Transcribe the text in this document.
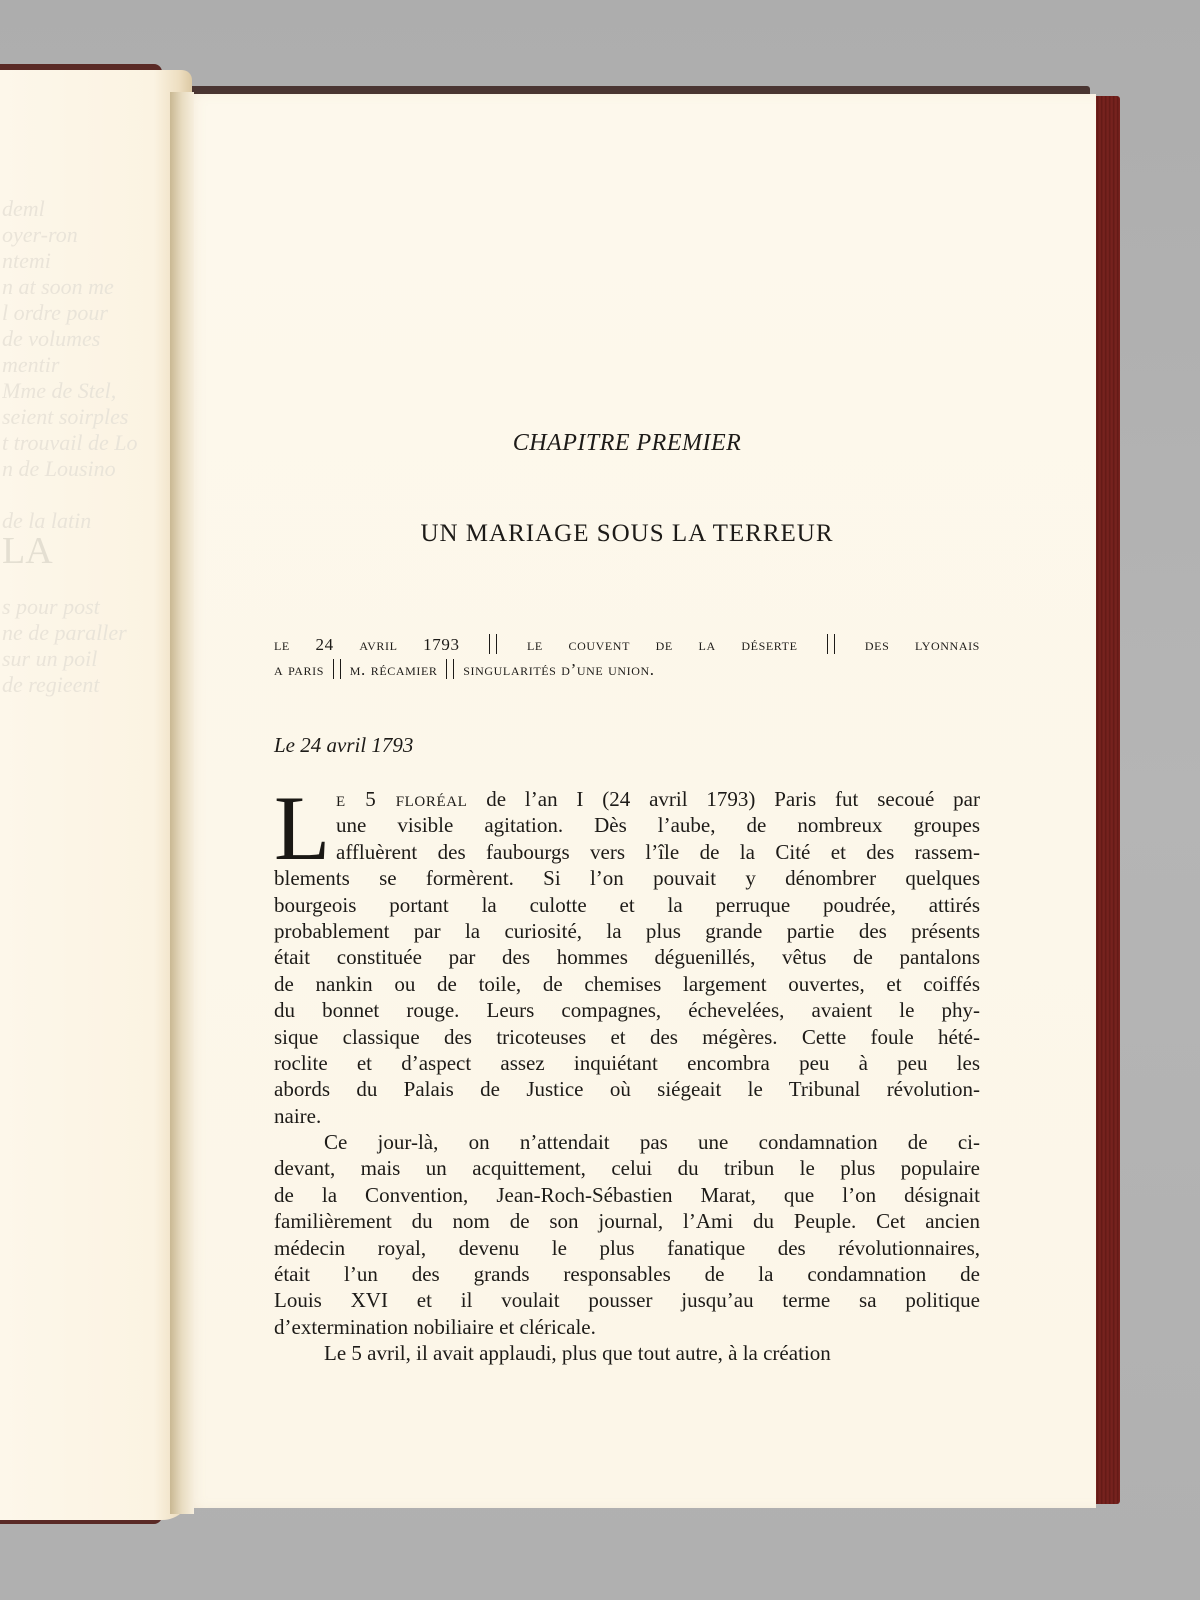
deml
oyer-ron
ntemi
n at soon me
l ordre pour
de volumes
mentir
Mme de Stel,
seient soirples
t trouvail de Lo
n de Lousino
de la latin
LA
s pour post
ne de paraller
sur un poil
de regieent
CHAPITRE PREMIER
UN MARIAGE SOUS LA TERREUR
le 24 avril 1793	le couvent de la déserte	des lyonnais
a paris m. récamier singularités d’une union.
Le 24 avril 1793
L e 5 floréal de l’an I (24 avril 1793) Paris fut secoué par
une visible agitation. Dès l’aube, de nombreux groupes
affluèrent des faubourgs vers l’île de la Cité et des rassem-
blements se formèrent. Si l’on pouvait y dénombrer quelques
bourgeois portant la culotte et la perruque poudrée, attirés
probablement par la curiosité, la plus grande partie des présents
était constituée par des hommes déguenillés, vêtus de pantalons
de nankin ou de toile, de chemises largement ouvertes, et coiffés
du bonnet rouge. Leurs compagnes, échevelées, avaient le phy-
sique classique des tricoteuses et des mégères. Cette foule hété-
roclite et d’aspect assez inquiétant encombra peu à peu les
abords du Palais de Justice où siégeait le Tribunal révolution-
naire.
Ce jour-là, on n’attendait pas une condamnation de ci-
devant, mais un acquittement, celui du tribun le plus populaire
de la Convention, Jean-Roch-Sébastien Marat, que l’on désignait
familièrement du nom de son journal, l’Ami du Peuple. Cet ancien
médecin royal, devenu le plus fanatique des révolutionnaires,
était l’un des grands responsables de la condamnation de
Louis XVI et il voulait pousser jusqu’au terme sa politique
d’extermination nobiliaire et cléricale.
Le 5 avril, il avait applaudi, plus que tout autre, à la création
